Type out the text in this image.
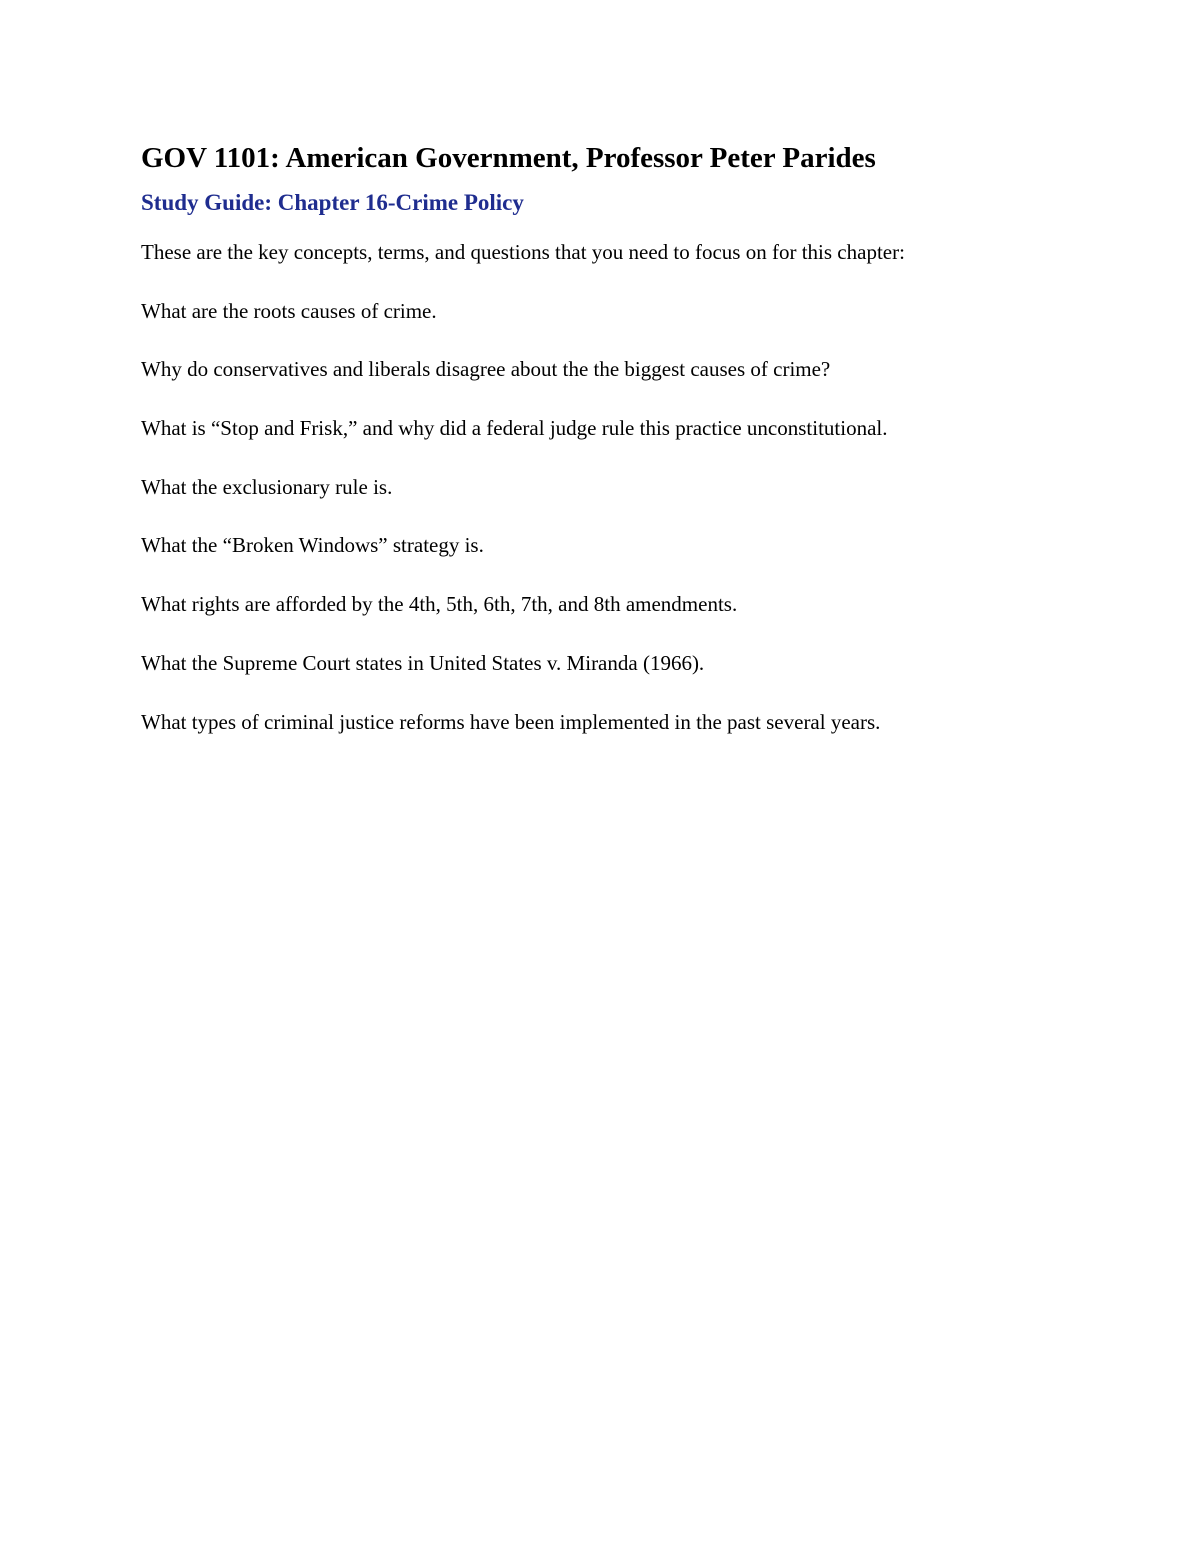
GOV 1101: American Government, Professor Peter Parides
Study Guide: Chapter 16-Crime Policy

These are the key concepts, terms, and questions that you need to focus on for this chapter:

What are the roots causes of crime.

Why do conservatives and liberals disagree about the the biggest causes of crime?

What is “Stop and Frisk,” and why did a federal judge rule this practice unconstitutional.

What the exclusionary rule is.

What the “Broken Windows” strategy is.

What rights are afforded by the 4th, 5th, 6th, 7th, and 8th amendments.

What the Supreme Court states in United States v. Miranda (1966).

What types of criminal justice reforms have been implemented in the past several years.
